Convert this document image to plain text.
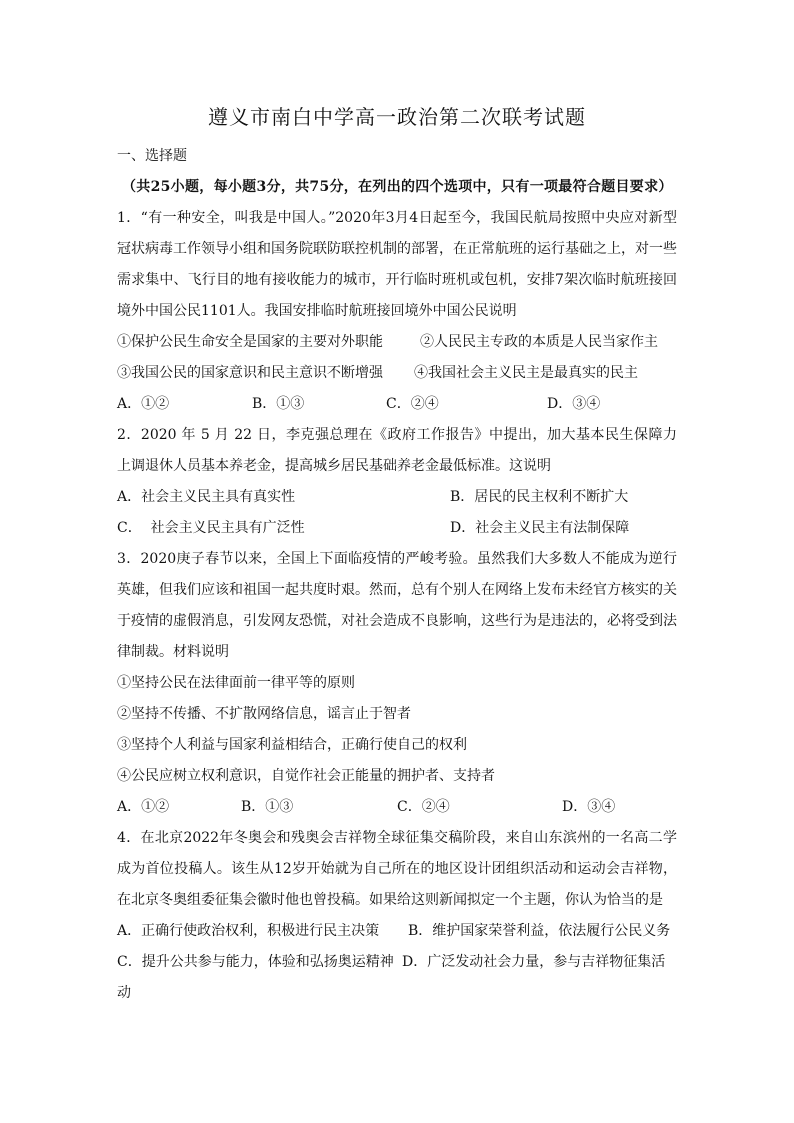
遵义市南白中学高一政治第二次联考试题
一、选择题
（共25小题，每小题3分，共75分，在列出的四个选项中，只有一项最符合题目要求）
1．“有一种安全，叫我是中国人。”2020年3月4日起至今，我国民航局按照中央应对新型
冠状病毒工作领导小组和国务院联防联控机制的部署，在正常航班的运行基础之上，对一些
需求集中、飞行目的地有接收能力的城市，开行临时班机或包机，安排7架次临时航班接回
境外中国公民1101人。我国安排临时航班接回境外中国公民说明
①保护公民生命安全是国家的主要对外职能	②人民民主专政的本质是人民当家作主
③我国公民的国家意识和民主意识不断增强 ④我国社会主义民主是最真实的民主
A．①②	B．①③	C．②④	D．③④
2．2020 年 5 月 22 日，李克强总理在《政府工作报告》中提出，加大基本民生保障力
上调退休人员基本养老金，提高城乡居民基础养老金最低标准。这说明
A．社会主义民主具有真实性	B．居民的民主权利不断扩大
C．  社会主义民主具有广泛性	D．社会主义民主有法制保障
3．2020庚子春节以来，全国上下面临疫情的严峻考验。虽然我们大多数人不能成为逆行
英雄，但我们应该和祖国一起共度时艰。然而，总有个别人在网络上发布未经官方核实的关
于疫情的虚假消息，引发网友恐慌，对社会造成不良影响，这些行为是违法的，必将受到法
律制裁。材料说明
①坚持公民在法律面前一律平等的原则
②坚持不传播、不扩散网络信息，谣言止于智者
③坚持个人利益与国家利益相结合，正确行使自己的权利
④公民应树立权利意识，自觉作社会正能量的拥护者、支持者
A．①②	B．①③	C．②④	D．③④
4．在北京2022年冬奥会和残奥会吉祥物全球征集交稿阶段，来自山东滨州的一名高二学
成为首位投稿人。该生从12岁开始就为自己所在的地区设计团组织活动和运动会吉祥物，
在北京冬奥组委征集会徽时他也曾投稿。如果给这则新闻拟定一个主题，你认为恰当的是
A．正确行使政治权利，积极进行民主决策 B．维护国家荣誉利益，依法履行公民义务
C．提升公共参与能力，体验和弘扬奥运精神 D．广泛发动社会力量，参与吉祥物征集活
动
